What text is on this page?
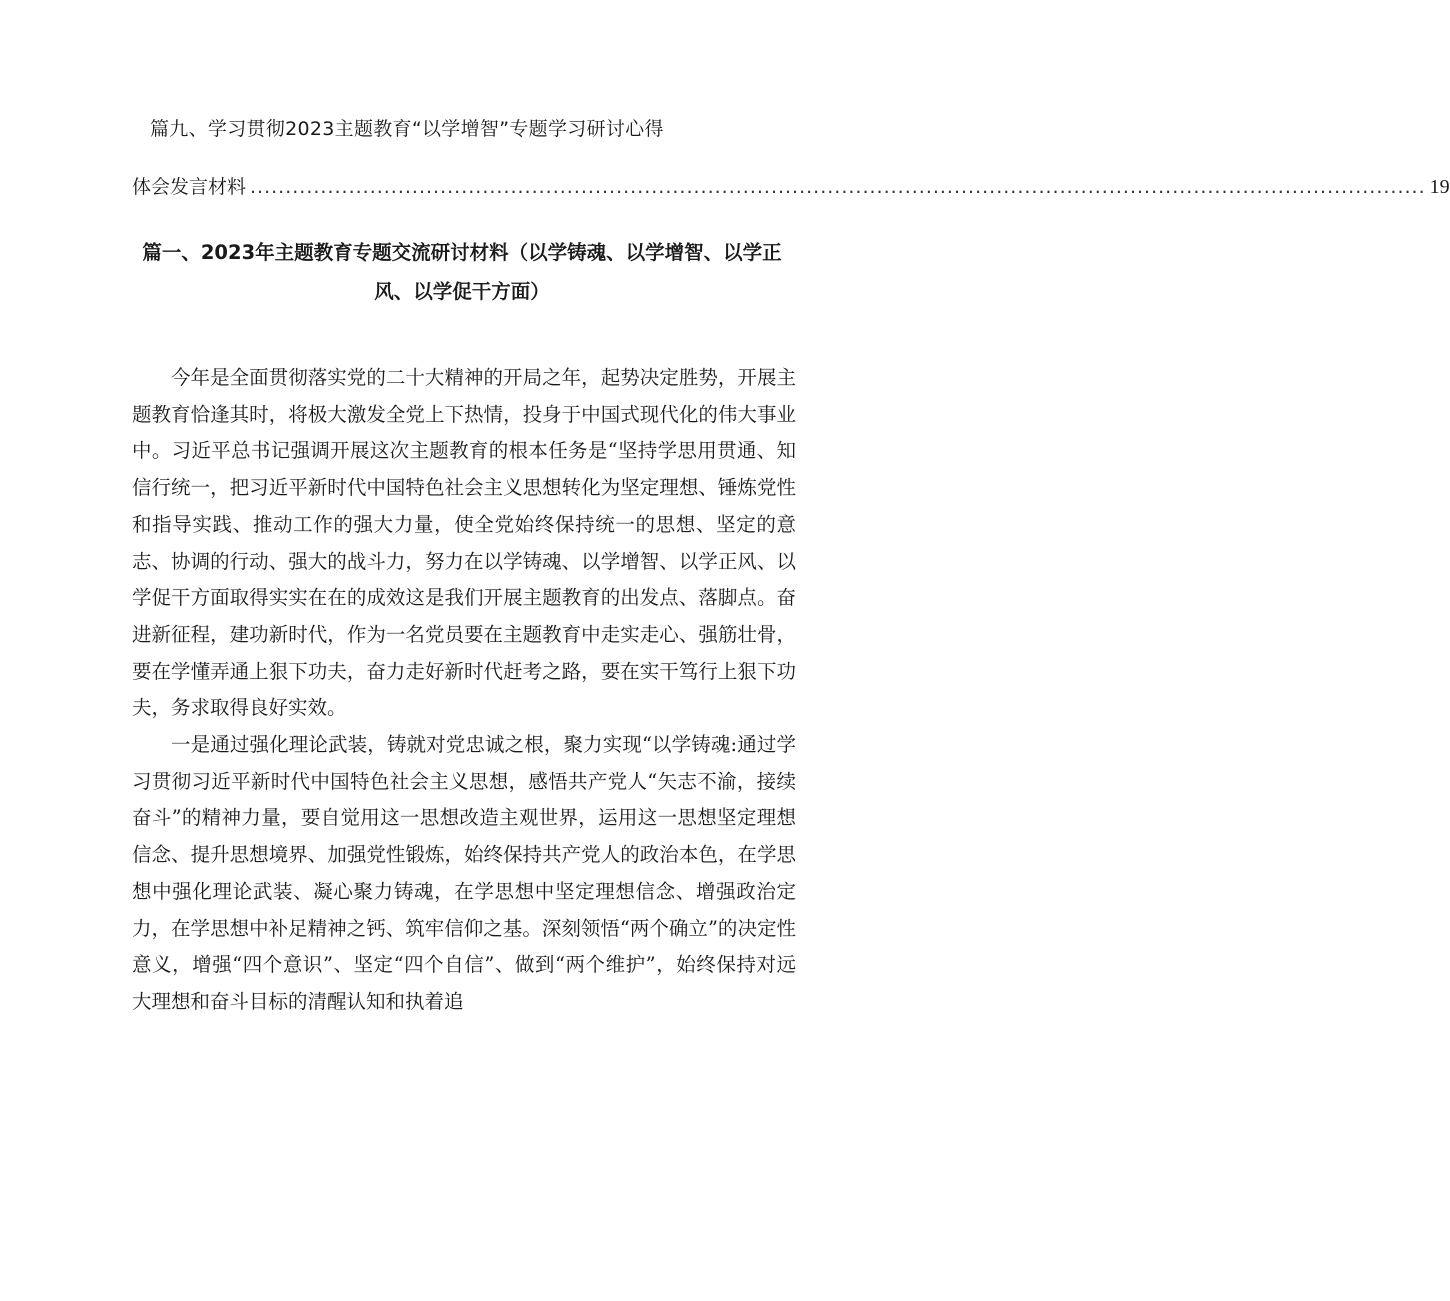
篇九、学习贯彻2023主题教育“以学增智”专题学习研讨心得
体会发言材料 ....................................................................................................................................................................... 19
篇一、2023年主题教育专题交流研讨材料（以学铸魂、以学增智、以学正风、以学促干方面）

今年是全面贯彻落实党的二十大精神的开局之年，起势决定胜势，开展主题教育恰逢其时，将极大激发全党上下热情，投身于中国式现代化的伟大事业中。习近平总书记强调开展这次主题教育的根本任务是“坚持学思用贯通、知信行统一，把习近平新时代中国特色社会主义思想转化为坚定理想、锤炼党性和指导实践、推动工作的强大力量，使全党始终保持统一的思想、坚定的意志、协调的行动、强大的战斗力，努力在以学铸魂、以学增智、以学正风、以学促干方面取得实实在在的成效这是我们开展主题教育的出发点、落脚点。奋进新征程，建功新时代，作为一名党员要在主题教育中走实走心、强筋壮骨，要在学懂弄通上狠下功夫，奋力走好新时代赶考之路，要在实干笃行上狠下功夫，务求取得良好实效。

一是通过强化理论武装，铸就对党忠诚之根，聚力实现“以学铸魂:通过学习贯彻习近平新时代中国特色社会主义思想，感悟共产党人“矢志不渝，接续奋斗”的精神力量，要自觉用这一思想改造主观世界，运用这一思想坚定理想信念、提升思想境界、加强党性锻炼，始终保持共产党人的政治本色，在学思想中强化理论武装、凝心聚力铸魂，在学思想中坚定理想信念、增强政治定力，在学思想中补足精神之钙、筑牢信仰之基。深刻领悟“两个确立”的决定性意义，增强“四个意识”、坚定“四个自信”、做到“两个维护”，始终保持对远大理想和奋斗目标的清醒认知和执着追
